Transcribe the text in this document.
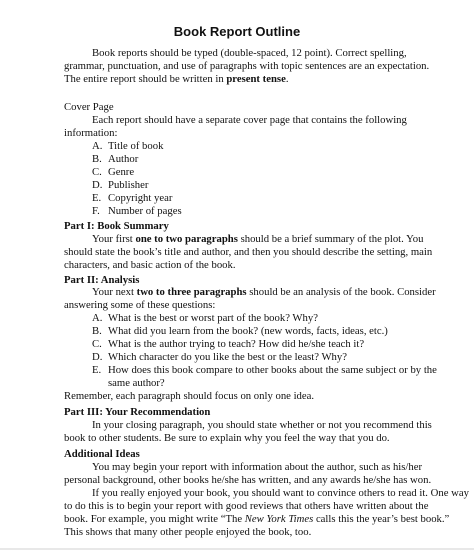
Book Report Outline
Book reports should be typed (double-spaced, 12 point). Correct spelling,
grammar, punctuation, and use of paragraphs with topic sentences are an expectation.
The entire report should be written in present tense.
Cover Page
Each report should have a separate cover page that contains the following
information:
A. Title of book
B. Author
C. Genre
D. Publisher
E. Copyright year
F. Number of pages
Part I: Book Summary
Your first one to two paragraphs should be a brief summary of the plot. You
should state the book’s title and author, and then you should describe the setting, main
characters, and basic action of the book.
Part II: Analysis
Your next two to three paragraphs should be an analysis of the book. Consider
answering some of these questions:
A. What is the best or worst part of the book? Why?
B. What did you learn from the book? (new words, facts, ideas, etc.)
C. What is the author trying to teach? How did he/she teach it?
D. Which character do you like the best or the least? Why?
E. How does this book compare to other books about the same subject or by the
same author?
Remember, each paragraph should focus on only one idea.
Part III: Your Recommendation
In your closing paragraph, you should state whether or not you recommend this
book to other students. Be sure to explain why you feel the way that you do.
Additional Ideas
You may begin your report with information about the author, such as his/her
personal background, other books he/she has written, and any awards he/she has won.
If you really enjoyed your book, you should want to convince others to read it. One way
to do this is to begin your report with good reviews that others have written about the
book. For example, you might write “The New York Times calls this the year’s best book.”
This shows that many other people enjoyed the book, too.
